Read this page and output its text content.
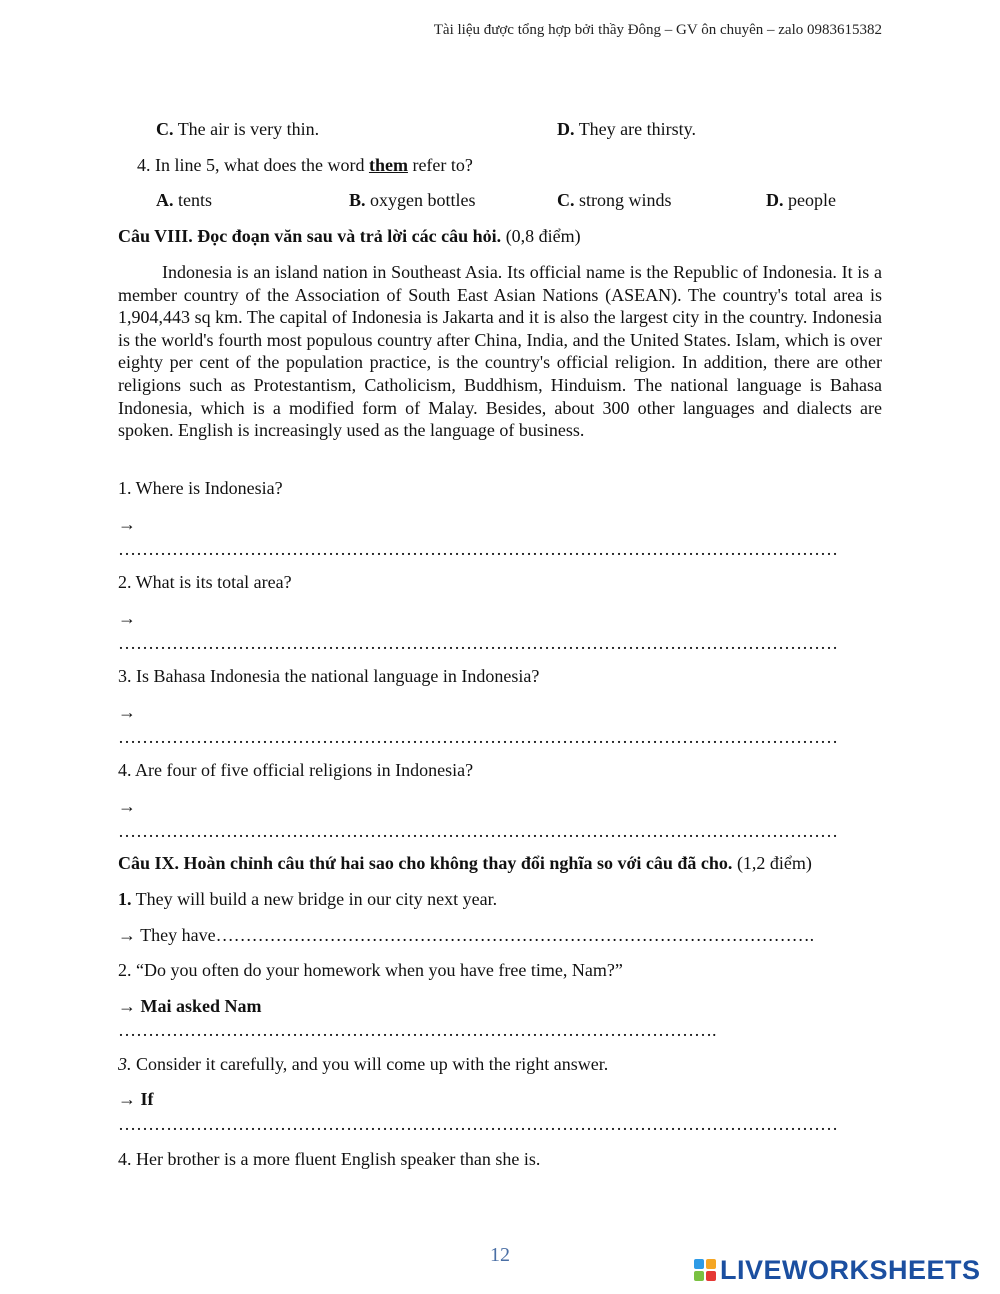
Tài liệu được tổng hợp bởi thầy Đông – GV ôn chuyên – zalo 0983615382
C. The air is very thin.	D. They are thirsty.
4. In line 5, what does the word them refer to?
A. tents	B. oxygen bottles	C. strong winds	D. people
Câu VIII. Đọc đoạn văn sau và trả lời các câu hỏi. (0,8 điểm)
Indonesia is an island nation in Southeast Asia. Its official name is the Republic of Indonesia. It is a member country of the Association of South East Asian Nations (ASEAN). The country's total area is 1,904,443 sq km. The capital of Indonesia is Jakarta and it is also the largest city in the country. Indonesia is the world's fourth most populous country after China, India, and the United States. Islam, which is over eighty per cent of the population practice, is the country's official religion. In addition, there are other religions such as Protestantism, Catholicism, Buddhism, Hinduism. The national language is Bahasa Indonesia, which is a modified form of Malay. Besides, about 300 other languages and dialects are spoken. English is increasingly used as the language of business.
1. Where is Indonesia?
→
…………………………………………………………………………………………………………
2. What is its total area?
→
…………………………………………………………………………………………………………
3. Is Bahasa Indonesia the national language in Indonesia?
→
…………………………………………………………………………………………………………
4. Are four of five official religions in Indonesia?
→
…………………………………………………………………………………………………………
Câu IX. Hoàn chỉnh câu thứ hai sao cho không thay đổi nghĩa so với câu đã cho. (1,2 điểm)
1. They will build a new bridge in our city next year.
→ They have……………………………………………………………………………………….
2. “Do you often do your homework when you have free time, Nam?”
→ Mai asked Nam
……………………………………………………………………………………….
3. Consider it carefully, and you will come up with the right answer.
→ If
…………………………………………………………………………………………………………
4. Her brother is a more fluent English speaker than she is.
12	LIVEWORKSHEETS
